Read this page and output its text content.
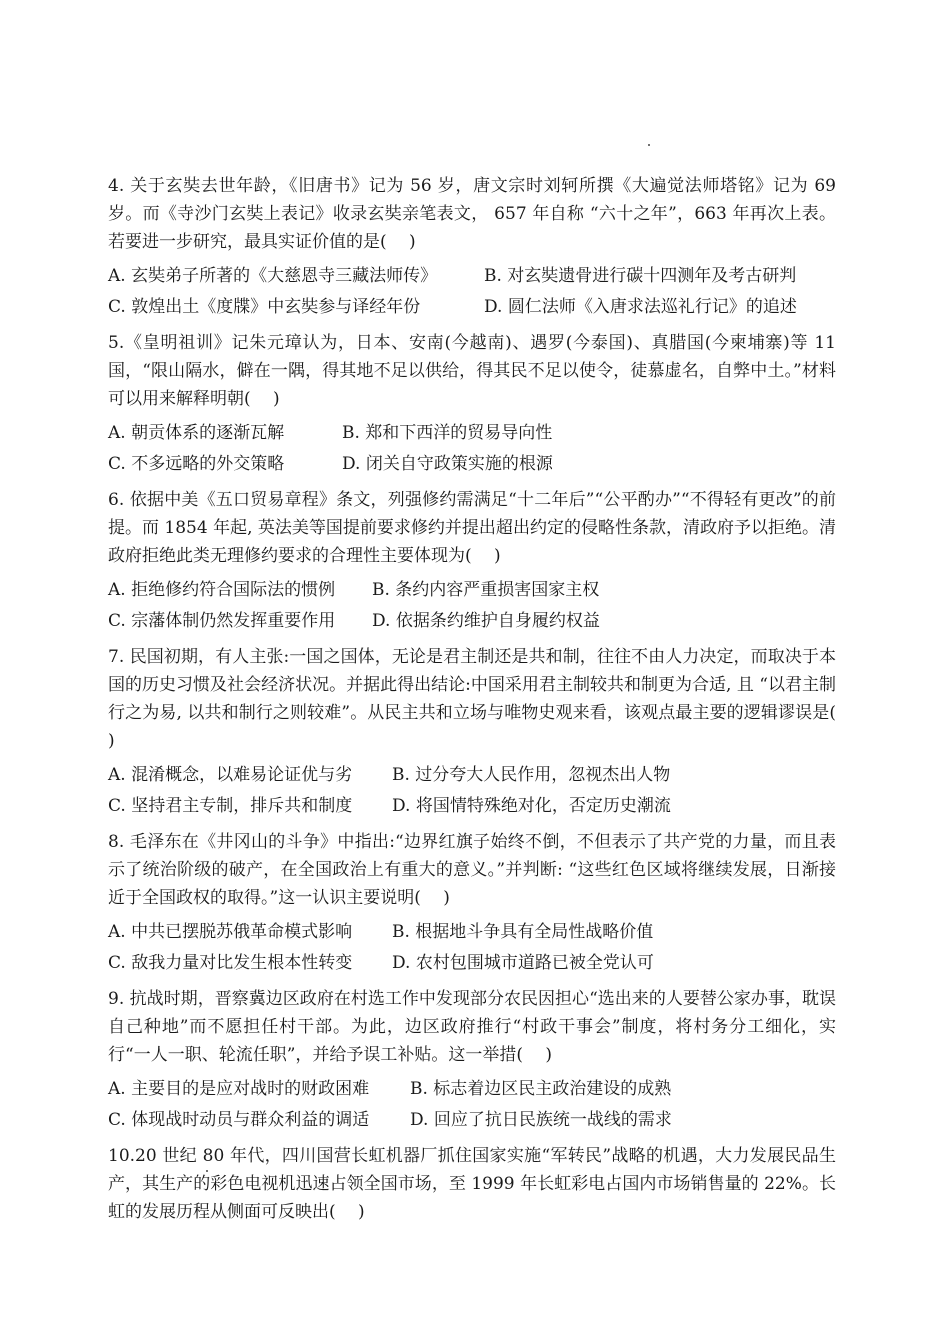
4. 关于玄奘去世年龄，《旧唐书》记为 56 岁，唐文宗时刘轲所撰《大遍觉法师塔铭》记为 69 岁。而《寺沙门玄奘上表记》收录玄奘亲笔表文， 657 年自称 “六十之年”，663 年再次上表。若要进一步研究，最具实证价值的是(　 )

A. 玄奘弟子所著的《大慈恩寺三藏法师传》	B. 对玄奘遗骨进行碳十四测年及考古研判
C. 敦煌出土《度牒》中玄奘参与译经年份	D. 圆仁法师《入唐求法巡礼行记》的追述

5.《皇明祖训》记朱元璋认为，日本、安南(今越南)、遇罗(今泰国)、真腊国(今柬埔寨)等 11 国，“限山隔水，僻在一隅，得其地不足以供给，得其民不足以使令，徒慕虚名，自弊中土。”材料可以用来解释明朝(　 )

A. 朝贡体系的逐渐瓦解	B. 郑和下西洋的贸易导向性
C. 不多远略的外交策略	D. 闭关自守政策实施的根源

6. 依据中美《五口贸易章程》条文，列强修约需满足“十二年后”“公平酌办”“不得轻有更改”的前提。而 1854 年起, 英法美等国提前要求修约并提出超出约定的侵略性条款，清政府予以拒绝。清政府拒绝此类无理修约要求的合理性主要体现为(　 )

A. 拒绝修约符合国际法的惯例	B. 条约内容严重损害国家主权
C. 宗藩体制仍然发挥重要作用	D. 依据条约维护自身履约权益

7. 民国初期，有人主张:一国之国体，无论是君主制还是共和制，往往不由人力决定，而取决于本国的历史习惯及社会经济状况。并据此得出结论:中国采用君主制较共和制更为合适, 且 “以君主制行之为易, 以共和制行之则较难”。从民主共和立场与唯物史观来看，该观点最主要的逻辑谬误是(　 )

A. 混淆概念，以难易论证优与劣	B. 过分夸大人民作用，忽视杰出人物
C. 坚持君主专制，排斥共和制度	D. 将国情特殊绝对化，否定历史潮流

8. 毛泽东在《井冈山的斗争》中指出:“边界红旗子始终不倒，不但表示了共产党的力量，而且表示了统治阶级的破产，在全国政治上有重大的意义。”并判断: “这些红色区域将继续发展，日渐接近于全国政权的取得。”这一认识主要说明(　 )

A. 中共已摆脱苏俄革命模式影响	B. 根据地斗争具有全局性战略价值
C. 敌我力量对比发生根本性转变	D. 农村包围城市道路已被全党认可

9. 抗战时期，晋察冀边区政府在村选工作中发现部分农民因担心“选出来的人要替公家办事，耽误自己种地”而不愿担任村干部。为此，边区政府推行“村政干事会”制度，将村务分工细化，实行“一人一职、轮流任职”，并给予误工补贴。这一举措(　 )

A. 主要目的是应对战时的财政困难	B. 标志着边区民主政治建设的成熟
C. 体现战时动员与群众利益的调适	D. 回应了抗日民族统一战线的需求

10.20 世纪 80 年代，四川国营长虹机器厂抓住国家实施“军转民”战略的机遇，大力发展民品生产，其生产的彩色电视机迅速占领全国市场，至 1999 年长虹彩电占国内市场销售量的 22%。长虹的发展历程从侧面可反映出(　 )
